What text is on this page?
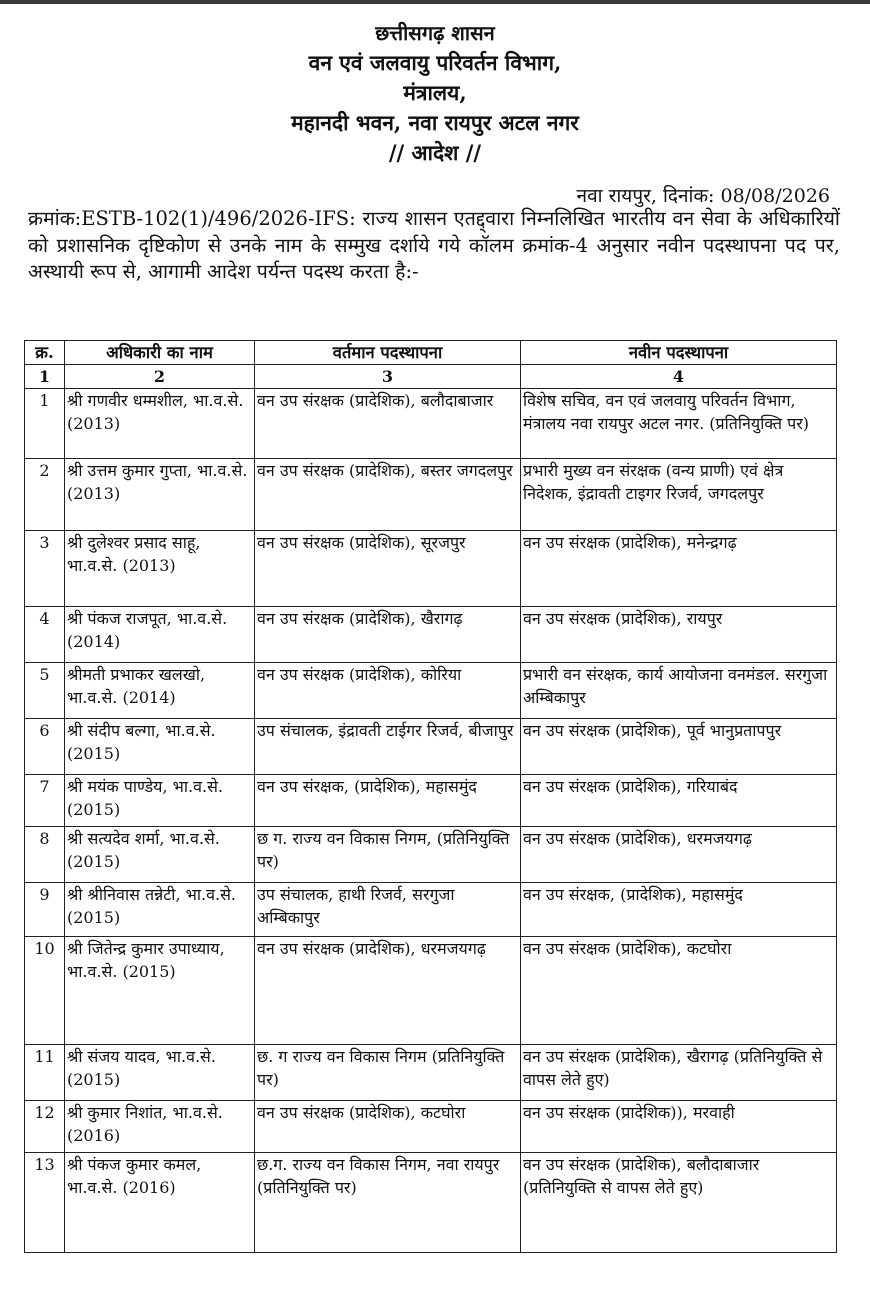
छत्तीसगढ़ शासन
वन एवं जलवायु परिवर्तन विभाग,
मंत्रालय,
महानदी भवन, नवा रायपुर अटल नगर
// आदेश //
नवा रायपुर, दिनांक: 08/08/2026
क्रमांक:ESTB-102(1)/496/2026-IFS: राज्य शासन एतद्द्वारा निम्नलिखित भारतीय वन सेवा के अधिकारियों को प्रशासनिक दृष्टिकोण से उनके नाम के सम्मुख दर्शाये गये कॉलम क्रमांक-4 अनुसार नवीन पदस्थापना पद पर, अस्थायी रूप से, आगामी आदेश पर्यन्त पदस्थ करता है:-
क्र.	अधिकारी का नाम	वर्तमान पदस्थापना	नवीन पदस्थापना
1	2	3	4
1	श्री गणवीर धम्मशील, भा.व.से. (2013)	वन उप संरक्षक (प्रादेशिक), बलौदाबाजार	विशेष सचिव, वन एवं जलवायु परिवर्तन विभाग, मंत्रालय नवा रायपुर अटल नगर. (प्रतिनियुक्ति पर)
2	श्री उत्तम कुमार गुप्ता, भा.व.से. (2013)	वन उप संरक्षक (प्रादेशिक), बस्तर जगदलपुर	प्रभारी मुख्य वन संरक्षक (वन्य प्राणी) एवं क्षेत्र निदेशक, इंद्रावती टाइगर रिजर्व, जगदलपुर
3	श्री दुलेश्वर प्रसाद साहू, भा.व.से. (2013)	वन उप संरक्षक (प्रादेशिक), सूरजपुर	वन उप संरक्षक (प्रादेशिक), मनेन्द्रगढ़
4	श्री पंकज राजपूत, भा.व.से. (2014)	वन उप संरक्षक (प्रादेशिक), खैरागढ़	वन उप संरक्षक (प्रादेशिक), रायपुर
5	श्रीमती प्रभाकर खलखो, भा.व.से. (2014)	वन उप संरक्षक (प्रादेशिक), कोरिया	प्रभारी वन संरक्षक, कार्य आयोजना वनमंडल. सरगुजा अम्बिकापुर
6	श्री संदीप बल्गा, भा.व.से. (2015)	उप संचालक, इंद्रावती टाईगर रिजर्व, बीजापुर	वन उप संरक्षक (प्रादेशिक), पूर्व भानुप्रतापपुर
7	श्री मयंक पाण्डेय, भा.व.से. (2015)	वन उप संरक्षक, (प्रादेशिक), महासमुंद	वन उप संरक्षक (प्रादेशिक), गरियाबंद
8	श्री सत्यदेव शर्मा, भा.व.से. (2015)	छ ग. राज्य वन विकास निगम, (प्रतिनियुक्ति पर)	वन उप संरक्षक (प्रादेशिक), धरमजयगढ़
9	श्री श्रीनिवास तन्नेटी, भा.व.से. (2015)	उप संचालक, हाथी रिजर्व, सरगुजा अम्बिकापुर	वन उप संरक्षक, (प्रादेशिक), महासमुंद
10	श्री जितेन्द्र कुमार उपाध्याय, भा.व.से. (2015)	वन उप संरक्षक (प्रादेशिक), धरमजयगढ़	वन उप संरक्षक (प्रादेशिक), कटघोरा
11	श्री संजय यादव, भा.व.से. (2015)	छ. ग राज्य वन विकास निगम (प्रतिनियुक्ति पर)	वन उप संरक्षक (प्रादेशिक), खैरागढ़ (प्रतिनियुक्ति से वापस लेते हुए)
12	श्री कुमार निशांत, भा.व.से. (2016)	वन उप संरक्षक (प्रादेशिक), कटघोरा	वन उप संरक्षक (प्रादेशिक)), मरवाही
13	श्री पंकज कुमार कमल, भा.व.से. (2016)	छ.ग. राज्य वन विकास निगम, नवा रायपुर (प्रतिनियुक्ति पर)	वन उप संरक्षक (प्रादेशिक), बलौदाबाजार (प्रतिनियुक्ति से वापस लेते हुए)
